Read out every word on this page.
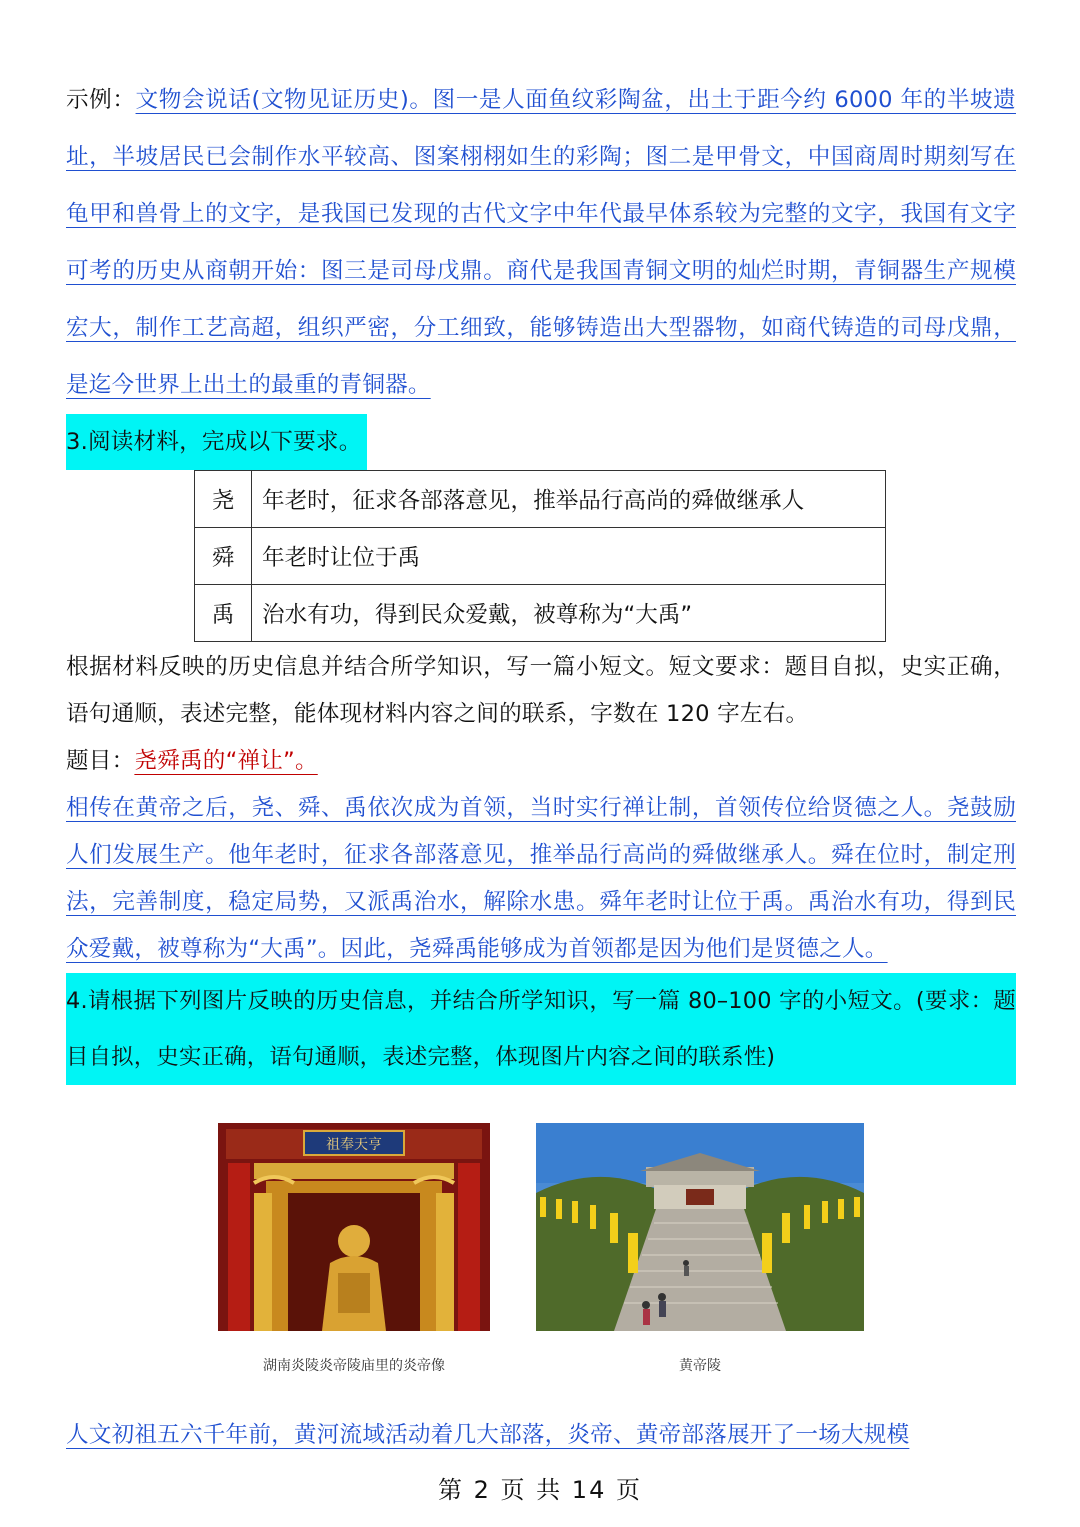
示例：文物会说话(文物见证历史)。图一是人面鱼纹彩陶盆，出土于距今约 6000 年的半坡遗址，半坡居民已会制作水平较高、图案栩栩如生的彩陶；图二是甲骨文，中国商周时期刻写在龟甲和兽骨上的文字，是我国已发现的古代文字中年代最早体系较为完整的文字，我国有文字可考的历史从商朝开始：图三是司母戊鼎。商代是我国青铜文明的灿烂时期，青铜器生产规模宏大，制作工艺高超，组织严密，分工细致，能够铸造出大型器物，如商代铸造的司母戊鼎，是迄今世界上出土的最重的青铜器。

3.阅读材料，完成以下要求。

尧	年老时，征求各部落意见，推举品行高尚的舜做继承人
舜	年老时让位于禹
禹	治水有功，得到民众爱戴，被尊称为“大禹”

根据材料反映的历史信息并结合所学知识，写一篇小短文。短文要求：题目自拟，史实正确，语句通顺，表述完整，能体现材料内容之间的联系，字数在 120 字左右。

题目：尧舜禹的“禅让”。

相传在黄帝之后，尧、舜、禹依次成为首领，当时实行禅让制，首领传位给贤德之人。尧鼓励人们发展生产。他年老时，征求各部落意见，推举品行高尚的舜做继承人。舜在位时，制定刑法，完善制度，稳定局势，又派禹治水，解除水患。舜年老时让位于禹。禹治水有功，得到民众爱戴，被尊称为“大禹”。因此，尧舜禹能够成为首领都是因为他们是贤德之人。

4.请根据下列图片反映的历史信息，并结合所学知识，写一篇 80–100 字的小短文。(要求：题目自拟，史实正确，语句通顺，表述完整，体现图片内容之间的联系性)
祖奉天亨
湖南炎陵炎帝陵庙里的炎帝像	黄帝陵

人文初祖五六千年前，黄河流域活动着几大部落，炎帝、黄帝部落展开了一场大规模

第 2 页 共 14 页
